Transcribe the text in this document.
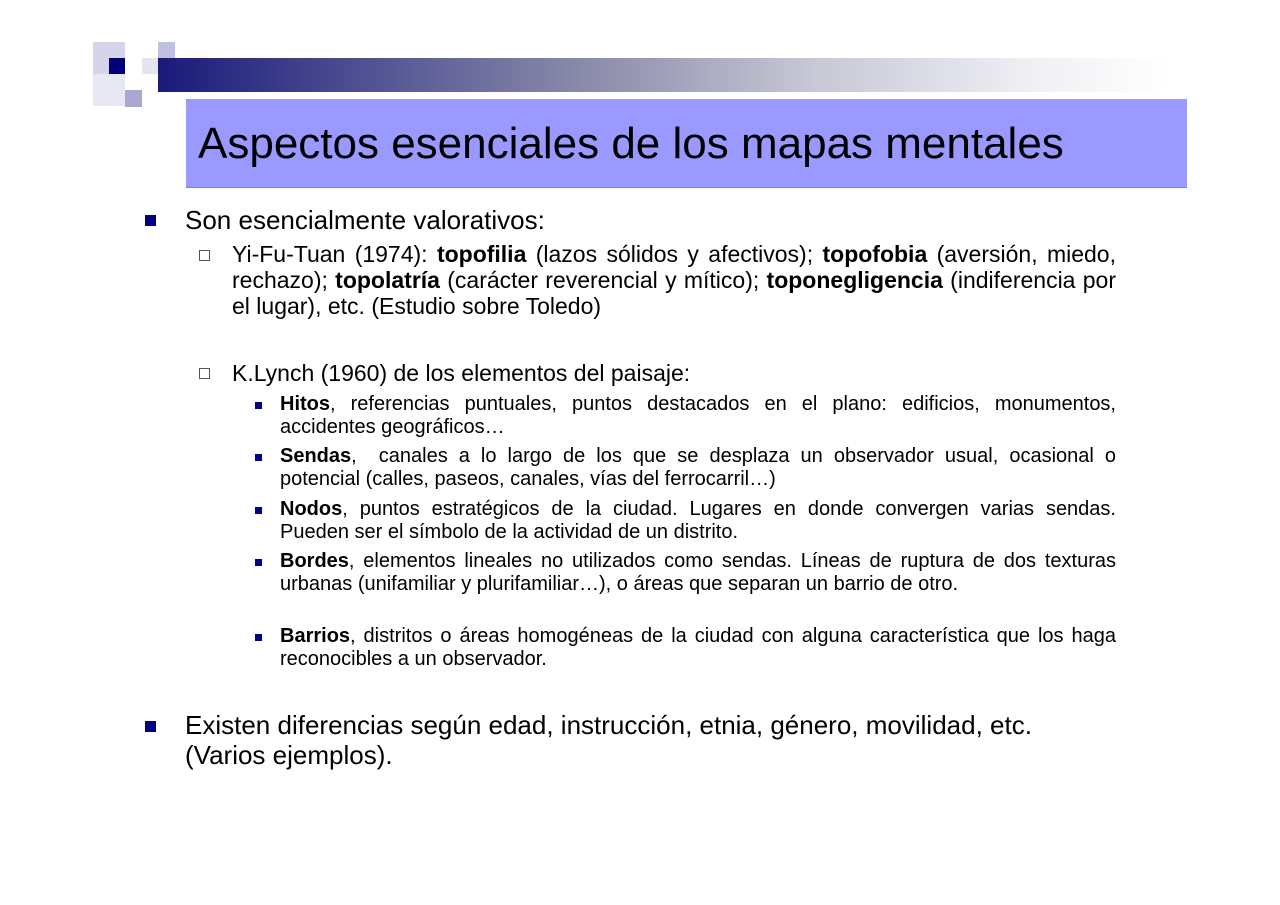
Aspectos esenciales de los mapas mentales
Son esencialmente valorativos:
Yi-Fu-Tuan (1974): topofilia (lazos sólidos y afectivos); topofobia (aversión, miedo, rechazo); topolatría (carácter reverencial y mítico); toponegligencia (indiferencia por el lugar), etc. (Estudio sobre Toledo)
K.Lynch (1960) de los elementos del paisaje:
Hitos, referencias puntuales, puntos destacados en el plano: edificios, monumentos, accidentes geográficos…
Sendas,  canales a lo largo de los que se desplaza un observador usual, ocasional o potencial (calles, paseos, canales, vías del ferrocarril…)
Nodos, puntos estratégicos de la ciudad. Lugares en donde convergen varias sendas. Pueden ser el símbolo de la actividad de un distrito.
Bordes, elementos lineales no utilizados como sendas. Líneas de ruptura de dos texturas urbanas (unifamiliar y plurifamiliar…), o áreas que separan un barrio de otro.
Barrios, distritos o áreas homogéneas de la ciudad con alguna característica que los haga reconocibles a un observador.
Existen diferencias según edad, instrucción, etnia, género, movilidad, etc. (Varios ejemplos).
